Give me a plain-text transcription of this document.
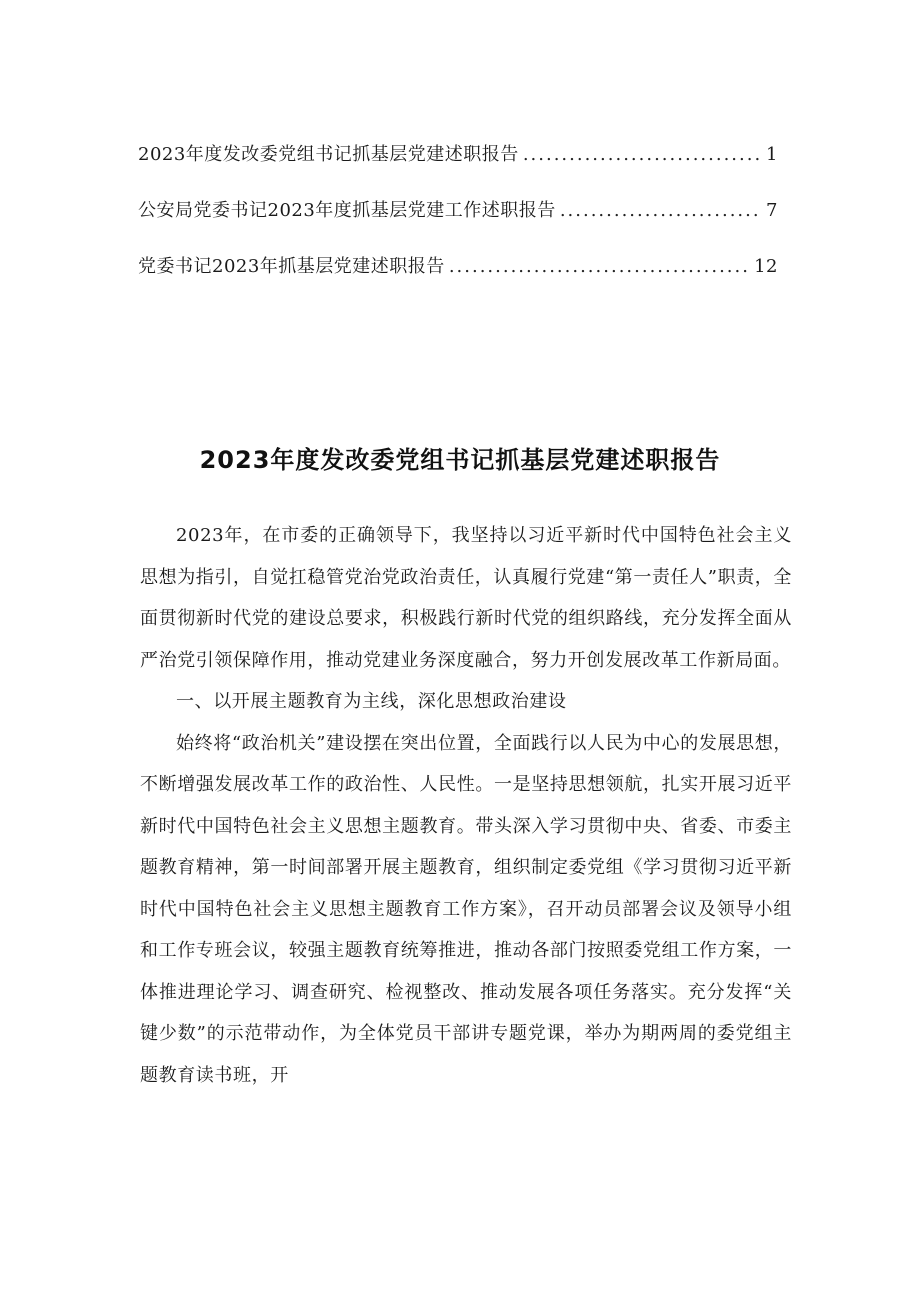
2023年度发改委党组书记抓基层党建述职报告 .....	1
公安局党委书记2023年度抓基层党建工作述职报告 .....	7
党委书记2023年抓基层党建述职报告 .....	12
2023年度发改委党组书记抓基层党建述职报告

2023年，在市委的正确领导下，我坚持以习近平新时代中国特色社会主义思想为指引，自觉扛稳管党治党政治责任，认真履行党建“第一责任人”职责，全面贯彻新时代党的建设总要求，积极践行新时代党的组织路线，充分发挥全面从严治党引领保障作用，推动党建业务深度融合，努力开创发展改革工作新局面。

一、以开展主题教育为主线，深化思想政治建设

始终将“政治机关”建设摆在突出位置，全面践行以人民为中心的发展思想，不断增强发展改革工作的政治性、人民性。一是坚持思想领航，扎实开展习近平新时代中国特色社会主义思想主题教育。带头深入学习贯彻中央、省委、市委主题教育精神，第一时间部署开展主题教育，组织制定委党组《学习贯彻习近平新时代中国特色社会主义思想主题教育工作方案》，召开动员部署会议及领导小组和工作专班会议，较强主题教育统筹推进，推动各部门按照委党组工作方案，一体推进理论学习、调查研究、检视整改、推动发展各项任务落实。充分发挥“关键少数”的示范带动作，为全体党员干部讲专题党课，举办为期两周的委党组主题教育读书班，开
